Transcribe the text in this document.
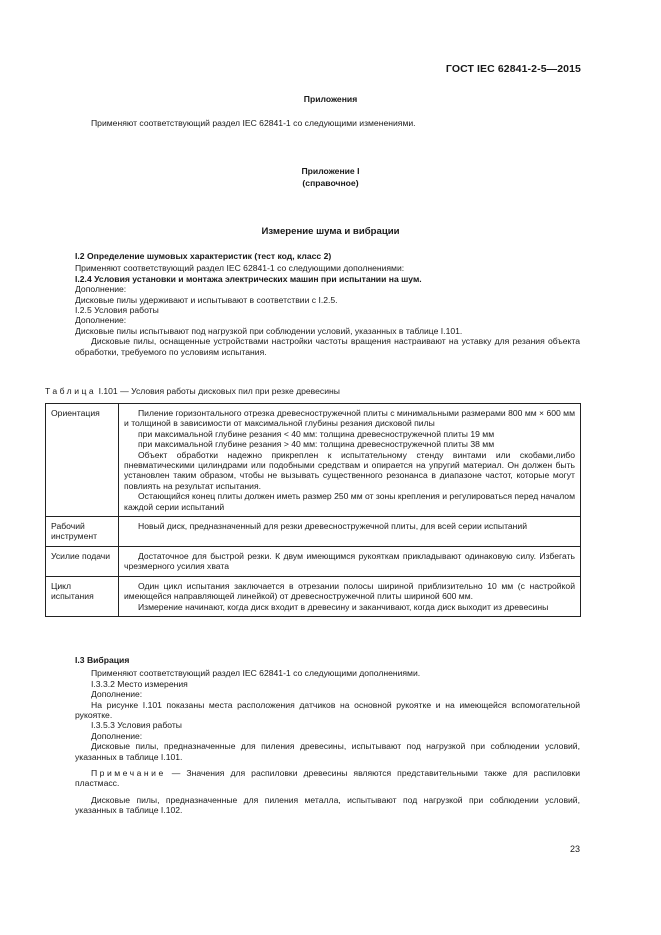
ГОСТ IEC 62841-2-5—2015
Приложения

Применяют соответствующий раздел IEC 62841-1 со следующими изменениями.

Приложение I
(справочное)
Измерение шума и вибрации

I.2 Определение шумовых характеристик (тест код, класс 2)

Применяют соответствующий раздел IEC 62841-1 со следующими дополнениями:

I.2.4 Условия установки и монтажа электрических машин при испытании на шум.

Дополнение:

Дисковые пилы удерживают и испытывают в соответствии с I.2.5.

I.2.5 Условия работы

Дополнение:

Дисковые пилы испытывают под нагрузкой при соблюдении условий, указанных в таблице I.101.

Дисковые пилы, оснащенные устройствами настройки частоты вращения настраивают на уставку для резания объекта обработки, требуемого по условиям испытания.

Таблица I.101 — Условия работы дисковых пил при резке древесины
Ориентация	Пиление горизонтального отрезка древесностружечной плиты с минимальными размерами 800 мм × 600 мм и толщиной в зависимости от максимальной глубины резания дисковой пилы

при максимальной глубине резания < 40 мм: толщина древесностружечной плиты 19 мм

при максимальной глубине резания > 40 мм: толщина древесностружечной плиты 38 мм

Объект обработки надежно прикреплен к испытательному стенду винтами или скобами,либо пневматическими цилиндрами или подобными средствам и опирается на упругий материал. Он должен быть установлен таким образом, чтобы не вызывать существенного резонанса в диапазоне частот, которые могут повлиять на результат испытания.

Остающийся конец плиты должен иметь размер 250 мм от зоны крепления и регулироваться перед началом каждой серии испытаний

Рабочий инструмент	Новый диск, предназначенный для резки древесностружечной плиты, для всей серии испытаний

Усилие подачи	Достаточное для быстрой резки. К двум имеющимся рукояткам прикладывают одинаковую силу. Избегать чрезмерного усилия хвата

Цикл испытания	Один цикл испытания заключается в отрезании полосы шириной приблизительно 10 мм (с настройкой имеющейся направляющей линейкой) от древесностружечной плиты шириной 600 мм.

Измерение начинают, когда диск входит в древесину и заканчивают, когда диск выходит из древесины

I.3 Вибрация

Применяют соответствующий раздел IEC 62841-1 со следующими дополнениями.

I.3.3.2 Место измерения

Дополнение:

На рисунке I.101 показаны места расположения датчиков на основной рукоятке и на имеющейся вспомогательной рукоятке.

I.3.5.3 Условия работы

Дополнение:

Дисковые пилы, предназначенные для пиления древесины, испытывают под нагрузкой при соблюдении условий, указанных в таблице I.101.

Примечание — Значения для распиловки древесины являются представительными также для распиловки пластмасс.

Дисковые пилы, предназначенные для пиления металла, испытывают под нагрузкой при соблюдении условий, указанных в таблице I.102.

23
